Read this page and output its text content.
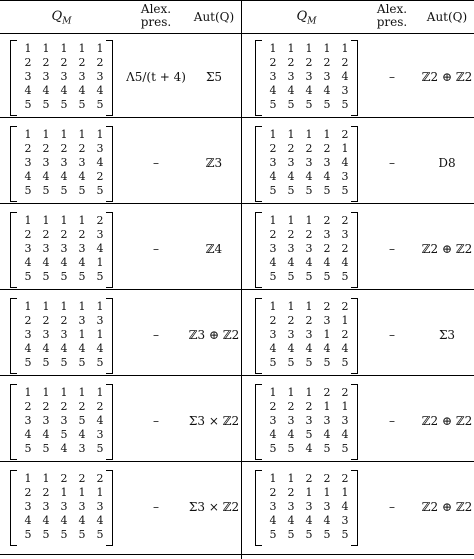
$Q_M$
Alex.
pres.	Aut(Q)	$Q_M$
Alex.
pres.	Aut(Q)
1	1	1	1	1
2	2	2	2	2
3	3	3	3	3
4	4	4	4	4
5	5	5	5	5
Λ5/(t + 4)	Σ5
1	1	1	1	1
2	2	2	2	2
3	3	3	3	4
4	4	4	4	3
5	5	5	5	5
–	ℤ2 ⊕ ℤ2
1	1	1	1	1
2	2	2	2	3
3	3	3	3	4
4	4	4	4	2
5	5	5	5	5
–	ℤ3
1	1	1	1	2
2	2	2	2	1
3	3	3	3	4
4	4	4	4	3
5	5	5	5	5
–	D8
1	1	1	1	2
2	2	2	2	3
3	3	3	3	4
4	4	4	4	1
5	5	5	5	5
–	ℤ4
1	1	1	2	2
2	2	2	3	3
3	3	3	2	2
4	4	4	4	4
5	5	5	5	5
–	ℤ2 ⊕ ℤ2
1	1	1	1	1
2	2	2	3	3
3	3	3	1	1
4	4	4	4	4
5	5	5	5	5
–	ℤ3 ⊕ ℤ2
1	1	1	2	2
2	2	2	3	1
3	3	3	1	2
4	4	4	4	4
5	5	5	5	5
–	Σ3
1	1	1	1	1
2	2	2	2	2
3	3	3	5	4
4	4	5	4	3
5	5	4	3	5
–	Σ3 × ℤ2
1	1	1	2	2
2	2	2	1	1
3	3	3	3	3
4	4	5	4	4
5	5	4	5	5
–	ℤ2 ⊕ ℤ2
1	1	2	2	2
2	2	1	1	1
3	3	3	3	3
4	4	4	4	4
5	5	5	5	5
–	Σ3 × ℤ2
1	1	2	2	2
2	2	1	1	1
3	3	3	3	4
4	4	4	4	3
5	5	5	5	5
–	ℤ2 ⊕ ℤ2
